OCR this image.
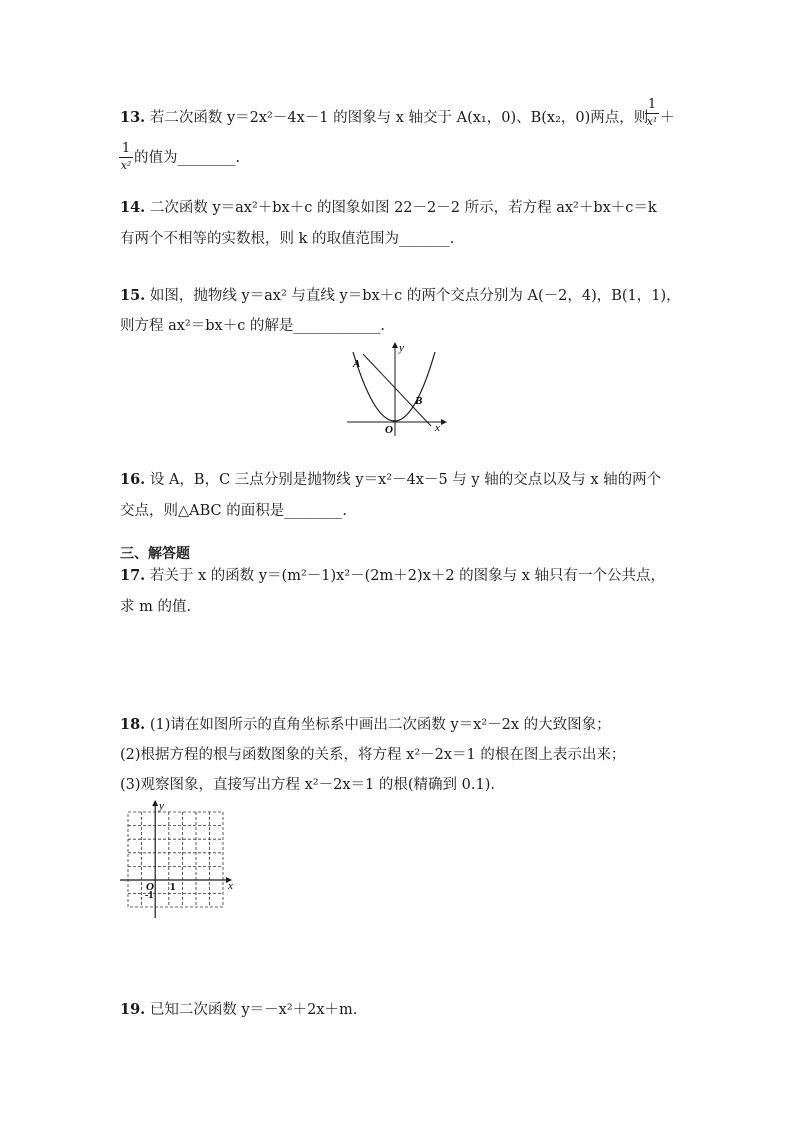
13. 若二次函数 y＝2x²－4x－1 的图象与 x 轴交于 A(x₁，0)、B(x₂，0)两点，则
1
x¹ ＋
1
x² 的值为________.
14. 二次函数 y＝ax²＋bx＋c 的图象如图 22－2－2 所示，若方程 ax²＋bx＋c＝k
有两个不相等的实数根，则 k 的取值范围为_______.
15. 如图，抛物线 y＝ax² 与直线 y＝bx＋c 的两个交点分别为 A(－2，4)，B(1，1)，
则方程 ax²＝bx＋c 的解是____________.
A
B
O	x
y
16. 设 A，B，C 三点分别是抛物线 y＝x²－4x－5 与 y 轴的交点以及与 x 轴的两个
交点，则△ABC 的面积是________.
三、解答题
17. 若关于 x 的函数 y＝(m²－1)x²－(2m＋2)x＋2 的图象与 x 轴只有一个公共点，
求 m 的值.
18. (1)请在如图所示的直角坐标系中画出二次函数 y＝x²－2x 的大致图象；
(2)根据方程的根与函数图象的关系，将方程 x²－2x＝1 的根在图上表示出来；
(3)观察图象，直接写出方程 x²－2x＝1 的根(精确到 0.1).
O 1
-1
x
y
19. 已知二次函数 y＝－x²＋2x＋m.
